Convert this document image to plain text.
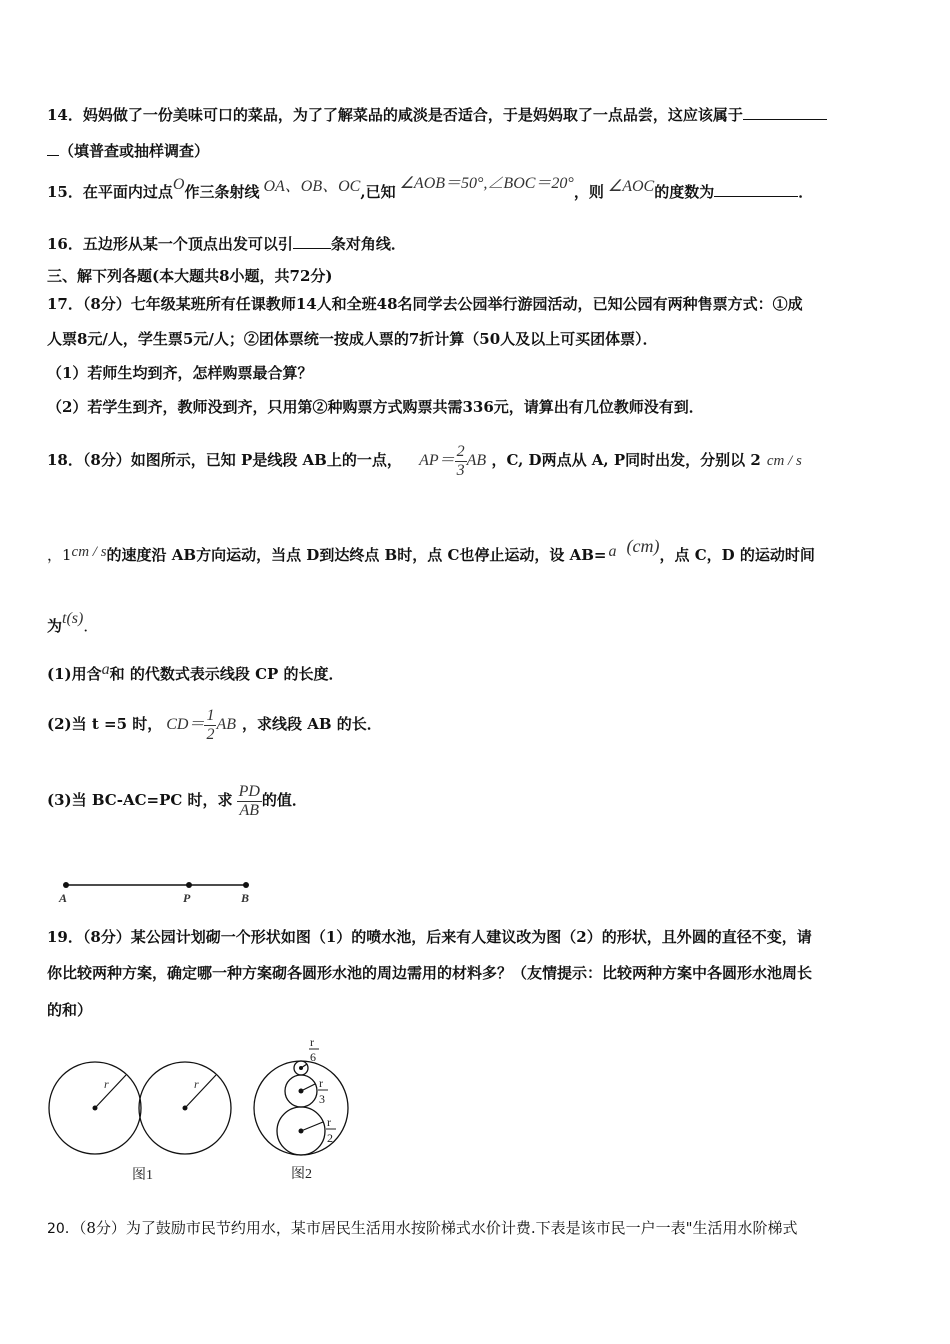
14．妈妈做了一份美味可口的菜品，为了了解菜品的咸淡是否适合，于是妈妈取了一点品尝，这应该属于
（填普查或抽样调查）
15．在平面内过点O作三条射线 OA、OB、OC,已知 ∠AOB＝50°,∠BOC＝20°，则 ∠AOC的度数为	．
16．五边形从某一个顶点出发可以引	条对角线．
三、解下列各题(本大题共8小题，共72分)
17．（8分）七年级某班所有任课教师14人和全班48名同学去公园举行游园活动，已知公园有两种售票方式：①成
人票8元/人，学生票5元/人；②团体票统一按成人票的7折计算（50人及以上可买团体票）．
（1）若师生均到齐，怎样购票最合算？
（2）若学生到齐，教师没到齐，只用第②种购票方式购票共需336元，请算出有几位教师没有到．
18．（8分）如图所示，已知 P是线段 AB上的一点， $AP= \frac{2}{3}$ AB ，C, D两点从 A, P同时出发，分别以 2 cm / s
，1cm / s的速度沿 AB方向运动，当点 D到达终点 B时，点 C也停止运动，设 AB= a (cm)，点 C，D 的运动时间
为t(s)．
(1)用含a和 的代数式表示线段 CP 的长度．
(2)当 t =5 时， $CD= \frac{1}{2}$ AB ，求线段 AB 的长．
(3)当 BC-AC=PC 时，求 $\frac{PD}{AB}$ 的值．
A	P	B
19．（8分）某公园计划砌一个形状如图（1）的喷水池，后来有人建议改为图（2）的形状，且外圆的直径不变，请
你比较两种方案，确定哪一种方案砌各圆形水池的周边需用的材料多？（友情提示：比较两种方案中各圆形水池周长
的和）
r	r
图1
r
6
r
3
r
2
图2
20．（8分）为了鼓励市民节约用水，某市居民生活用水按阶梯式水价计费.下表是该市民一户一表"生活用水阶梯式
